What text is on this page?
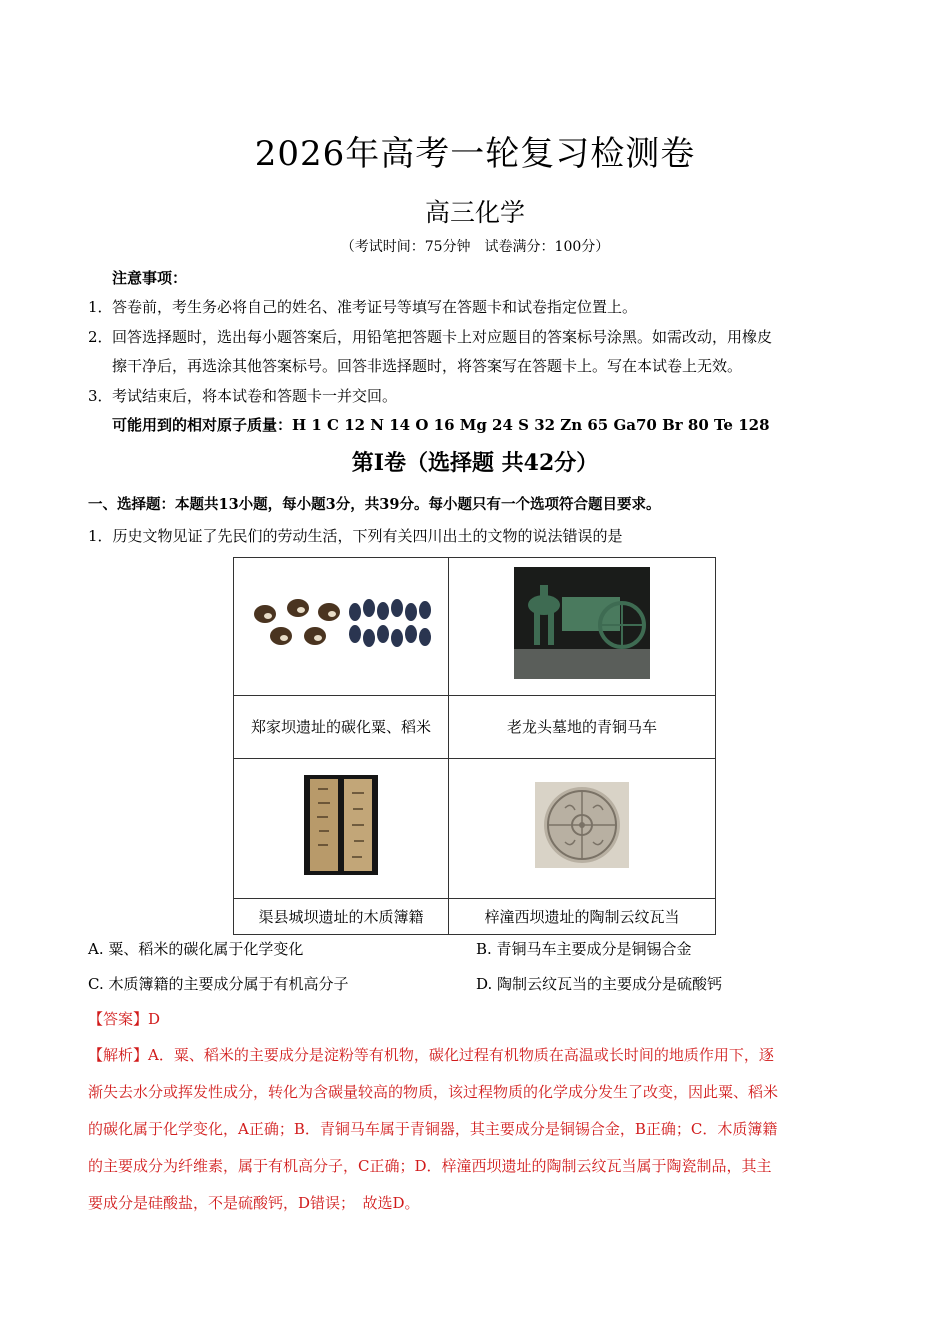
2026年高考一轮复习检测卷
高三化学
（考试时间：75分钟　试卷满分：100分）
注意事项：
1． 答卷前，考生务必将自己的姓名、准考证号等填写在答题卡和试卷指定位置上。
2． 回答选择题时，选出每小题答案后，用铅笔把答题卡上对应题目的答案标号涂黑。如需改动，用橡皮
擦干净后，再选涂其他答案标号。回答非选择题时，将答案写在答题卡上。写在本试卷上无效。
3． 考试结束后，将本试卷和答题卡一并交回。
可能用到的相对原子质量：H 1 C 12 N 14 O 16 Mg 24 S 32 Zn 65 Ga70 Br 80 Te 128
第Ⅰ卷（选择题 共42分）
一、选择题：本题共13小题，每小题3分，共39分。每小题只有一个选项符合题目要求。
1．历史文物见证了先民们的劳动生活，下列有关四川出土的文物的说法错误的是

郑家坝遗址的碳化粟、稻米	老龙头墓地的青铜马车

渠县城坝遗址的木质簿籍	梓潼西坝遗址的陶制云纹瓦当
A. 粟、稻米的碳化属于化学变化	B. 青铜马车主要成分是铜锡合金
C. 木质簿籍的主要成分属于有机高分子	D. 陶制云纹瓦当的主要成分是硫酸钙
【答案】D
【解析】A．粟、稻米的主要成分是淀粉等有机物，碳化过程有机物质在高温或长时间的地质作用下，逐
渐失去水分或挥发性成分，转化为含碳量较高的物质，该过程物质的化学成分发生了改变，因此粟、稻米
的碳化属于化学变化，A正确；B．青铜马车属于青铜器，其主要成分是铜锡合金，B正确；C．木质簿籍
的主要成分为纤维素，属于有机高分子，C正确；D．梓潼西坝遗址的陶制云纹瓦当属于陶瓷制品，其主
要成分是硅酸盐，不是硫酸钙，D错误；　故选D。
